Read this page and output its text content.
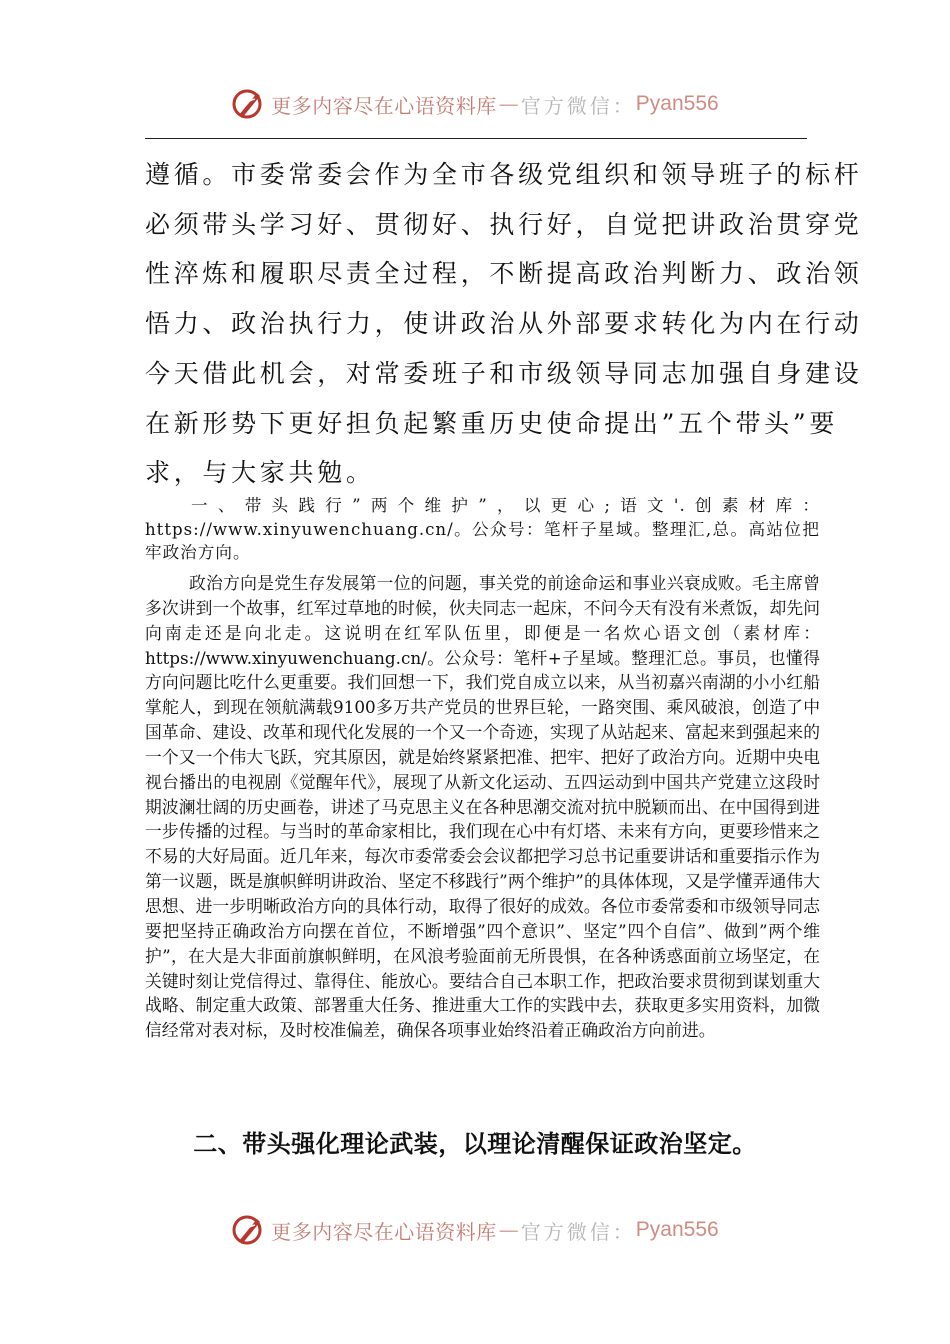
更多内容尽在心语资料库 — 官方微信： Pyan556
遵循。市委常委会作为全市各级党组织和领导班子的标杆
必须带头学习好、贯彻好、执行好，自觉把讲政治贯穿党
性淬炼和履职尽责全过程，不断提高政治判断力、政治领
悟力、政治执行力，使讲政治从外部要求转化为内在行动
今天借此机会，对常委班子和市级领导同志加强自身建设
在新形势下更好担负起繁重历史使命提出”五个带头”要
求，与大家共勉。

一、带头践行”两个维护”，以更心;语文'.创素材库：https://www.xinyuwenchuang.cn/。公众号：笔杆子星域。整理汇,总。高站位把牢政治方向。

政治方向是党生存发展第一位的问题，事关党的前途命运和事业兴衰成败。毛主席曾多次讲到一个故事，红军过草地的时候，伙夫同志一起床，不问今天有没有米煮饭，却先问向南走还是向北走。这说明在红军队伍里，即便是一名炊心语文创（素材库：https://www.xinyuwenchuang.cn/。公众号：笔杆+子星域。整理汇总。事员，也懂得方向问题比吃什么更重要。我们回想一下，我们党自成立以来，从当初嘉兴南湖的小小红船掌舵人，到现在领航满载9100多万共产党员的世界巨轮，一路突围、乘风破浪，创造了中国革命、建设、改革和现代化发展的一个又一个奇迹，实现了从站起来、富起来到强起来的一个又一个伟大飞跃，究其原因，就是始终紧紧把准、把牢、把好了政治方向。近期中央电视台播出的电视剧《觉醒年代》，展现了从新文化运动、五四运动到中国共产党建立这段时期波澜壮阔的历史画卷，讲述了马克思主义在各种思潮交流对抗中脱颖而出、在中国得到进一步传播的过程。与当时的革命家相比，我们现在心中有灯塔、未来有方向，更要珍惜来之不易的大好局面。近几年来，每次市委常委会会议都把学习总书记重要讲话和重要指示作为第一议题，既是旗帜鲜明讲政治、坚定不移践行”两个维护”的具体体现，又是学懂弄通伟大思想、进一步明晰政治方向的具体行动，取得了很好的成效。各位市委常委和市级领导同志要把坚持正确政治方向摆在首位，不断增强”四个意识”、坚定”四个自信”、做到”两个维护”，在大是大非面前旗帜鲜明，在风浪考验面前无所畏惧，在各种诱惑面前立场坚定，在关键时刻让党信得过、靠得住、能放心。要结合自己本职工作，把政治要求贯彻到谋划重大战略、制定重大政策、部署重大任务、推进重大工作的实践中去，获取更多实用资料，加微信经常对表对标，及时校准偏差，确保各项事业始终沿着正确政治方向前进。

二、带头强化理论武装，以理论清醒保证政治坚定。
更多内容尽在心语资料库 — 官方微信： Pyan556
